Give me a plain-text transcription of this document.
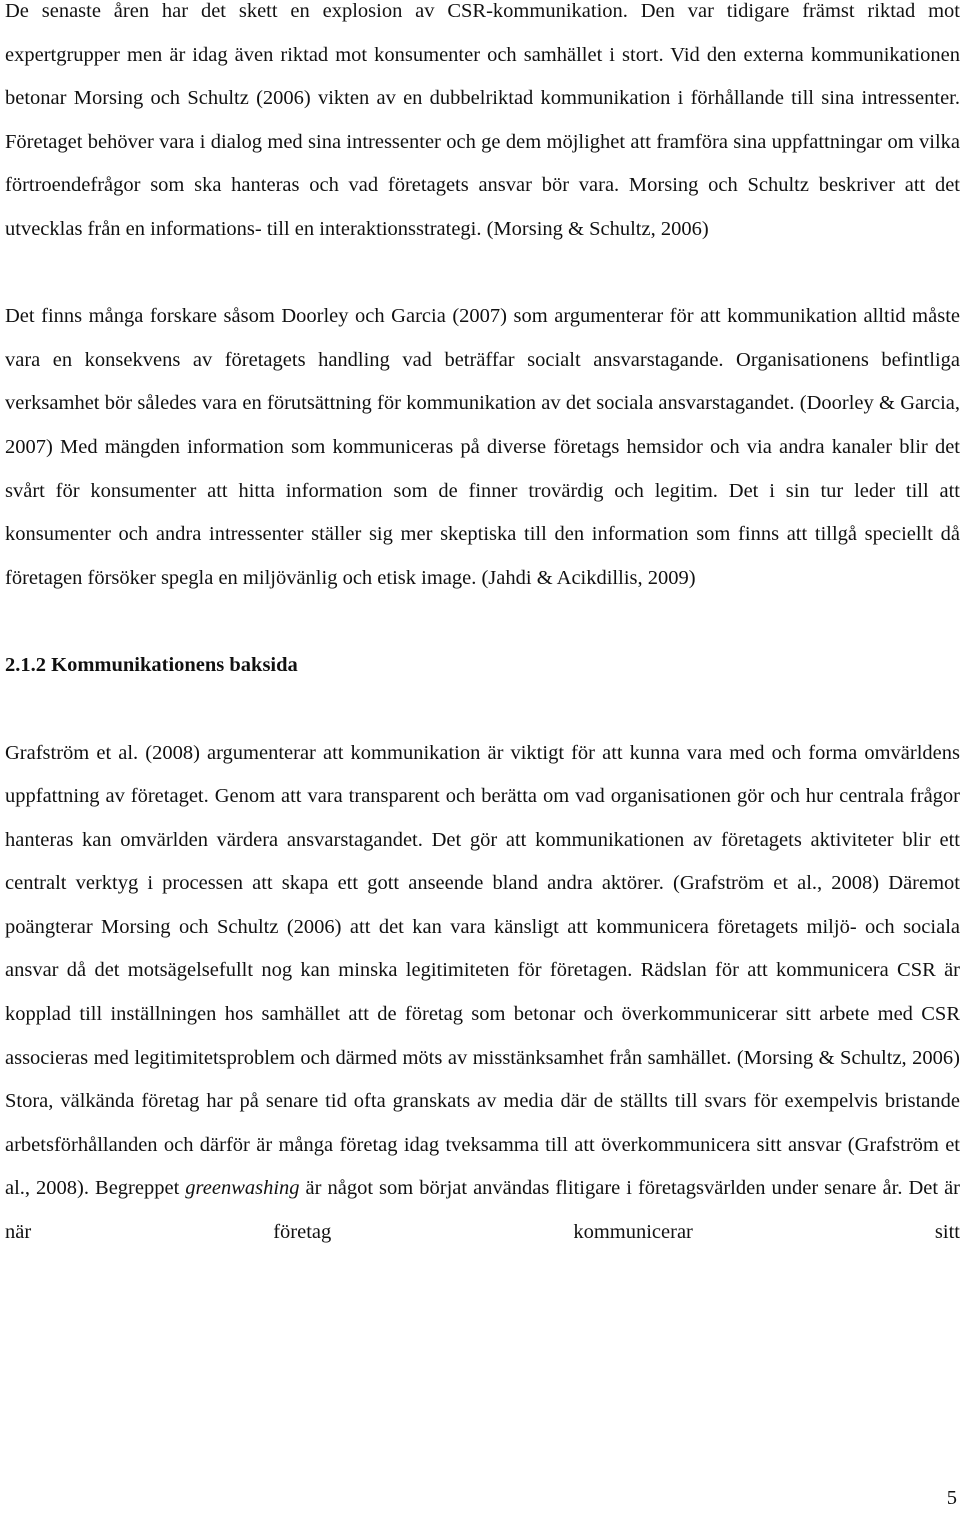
De senaste åren har det skett en explosion av CSR-kommunikation. Den var tidigare främst riktad mot expertgrupper men är idag även riktad mot konsumenter och samhället i stort. Vid den externa kommunikationen betonar Morsing och Schultz (2006) vikten av en dubbelriktad kommunikation i förhållande till sina intressenter. Företaget behöver vara i dialog med sina intressenter och ge dem möjlighet att framföra sina uppfattningar om vilka förtroendefrågor som ska hanteras och vad företagets ansvar bör vara. Morsing och Schultz beskriver att det utvecklas från en informations- till en interaktionsstrategi. (Morsing & Schultz, 2006)

Det finns många forskare såsom Doorley och Garcia (2007) som argumenterar för att kommunikation alltid måste vara en konsekvens av företagets handling vad beträffar socialt ansvarstagande. Organisationens befintliga verksamhet bör således vara en förutsättning för kommunikation av det sociala ansvarstagandet. (Doorley & Garcia, 2007) Med mängden information som kommuniceras på diverse företags hemsidor och via andra kanaler blir det svårt för konsumenter att hitta information som de finner trovärdig och legitim. Det i sin tur leder till att konsumenter och andra intressenter ställer sig mer skeptiska till den information som finns att tillgå speciellt då företagen försöker spegla en miljövänlig och etisk image. (Jahdi & Acikdillis, 2009)

2.1.2 Kommunikationens baksida

Grafström et al. (2008) argumenterar att kommunikation är viktigt för att kunna vara med och forma omvärldens uppfattning av företaget. Genom att vara transparent och berätta om vad organisationen gör och hur centrala frågor hanteras kan omvärlden värdera ansvarstagandet. Det gör att kommunikationen av företagets aktiviteter blir ett centralt verktyg i processen att skapa ett gott anseende bland andra aktörer. (Grafström et al., 2008) Däremot poängterar Morsing och Schultz (2006) att det kan vara känsligt att kommunicera företagets miljö- och sociala ansvar då det motsägelsefullt nog kan minska legitimiteten för företagen. Rädslan för att kommunicera CSR är kopplad till inställningen hos samhället att de företag som betonar och överkommunicerar sitt arbete med CSR associeras med legitimitetsproblem och därmed möts av misstänksamhet från samhället. (Morsing & Schultz, 2006) Stora, välkända företag har på senare tid ofta granskats av media där de ställts till svars för exempelvis bristande arbetsförhållanden och därför är många företag idag tveksamma till att överkommunicera sitt ansvar (Grafström et al., 2008). Begreppet greenwashing är något som börjat användas flitigare i företagsvärlden under senare år. Det är när företag kommunicerar sitt

5
